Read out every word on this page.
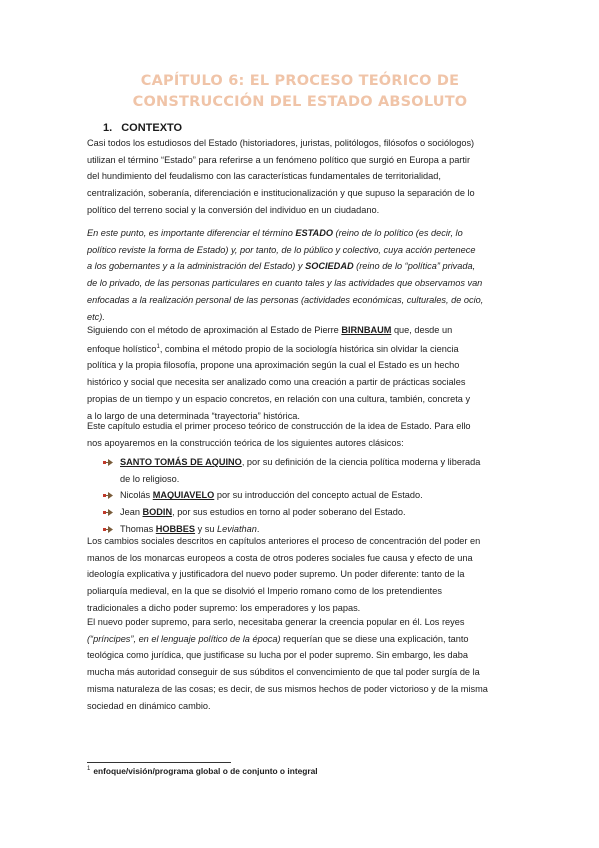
CAPÍTULO 6: EL PROCESO TEÓRICO DE
CONSTRUCCIÓN DEL ESTADO ABSOLUTO
1. CONTEXTO
Casi todos los estudiosos del Estado (historiadores, juristas, politólogos, filósofos o sociólogos)
utilizan el término “Estado” para referirse a un fenómeno político que surgió en Europa a partir
del hundimiento del feudalismo con las características fundamentales de territorialidad,
centralización, soberanía, diferenciación e institucionalización y que supuso la separación de lo
político del terreno social y la conversión del individuo en un ciudadano.
En este punto, es importante diferenciar el término ESTADO (reino de lo político (es decir, lo
político reviste la forma de Estado) y, por tanto, de lo público y colectivo, cuya acción pertenece
a los gobernantes y a la administración del Estado) y SOCIEDAD (reino de lo “política” privada,
de lo privado, de las personas particulares en cuanto tales y las actividades que observamos van
enfocadas a la realización personal de las personas (actividades económicas, culturales, de ocio,
etc).
Siguiendo con el método de aproximación al Estado de Pierre BIRNBAUM que, desde un
enfoque holístico$^1$, combina el método propio de la sociología histórica sin olvidar la ciencia
política y la propia filosofía, propone una aproximación según la cual el Estado es un hecho
histórico y social que necesita ser analizado como una creación a partir de prácticas sociales
propias de un tiempo y un espacio concretos, en relación con una cultura, también, concreta y
a lo largo de una determinada “trayectoria” histórica.
Este capítulo estudia el primer proceso teórico de construcción de la idea de Estado. Para ello
nos apoyaremos en la construcción teórica de los siguientes autores clásicos:
SANTO TOMÁS DE AQUINO, por su definición de la ciencia política moderna y liberada
de lo religioso.
Nicolás MAQUIAVELO por su introducción del concepto actual de Estado.
Jean BODIN, por sus estudios en torno al poder soberano del Estado.
Thomas HOBBES y su Leviathan.
Los cambios sociales descritos en capítulos anteriores el proceso de concentración del poder en
manos de los monarcas europeos a costa de otros poderes sociales fue causa y efecto de una
ideología explicativa y justificadora del nuevo poder supremo. Un poder diferente: tanto de la
poliarquía medieval, en la que se disolvió el Imperio romano como de los pretendientes
tradicionales a dicho poder supremo: los emperadores y los papas.
El nuevo poder supremo, para serlo, necesitaba generar la creencia popular en él. Los reyes
(“príncipes”, en el lenguaje político de la época) requerían que se diese una explicación, tanto
teológica como jurídica, que justificase su lucha por el poder supremo. Sin embargo, les daba
mucha más autoridad conseguir de sus súbditos el convencimiento de que tal poder surgía de la
misma naturaleza de las cosas; es decir, de sus mismos hechos de poder victorioso y de la misma
sociedad en dinámico cambio.
$^1$ enfoque/visión/programa global o de conjunto o integral
